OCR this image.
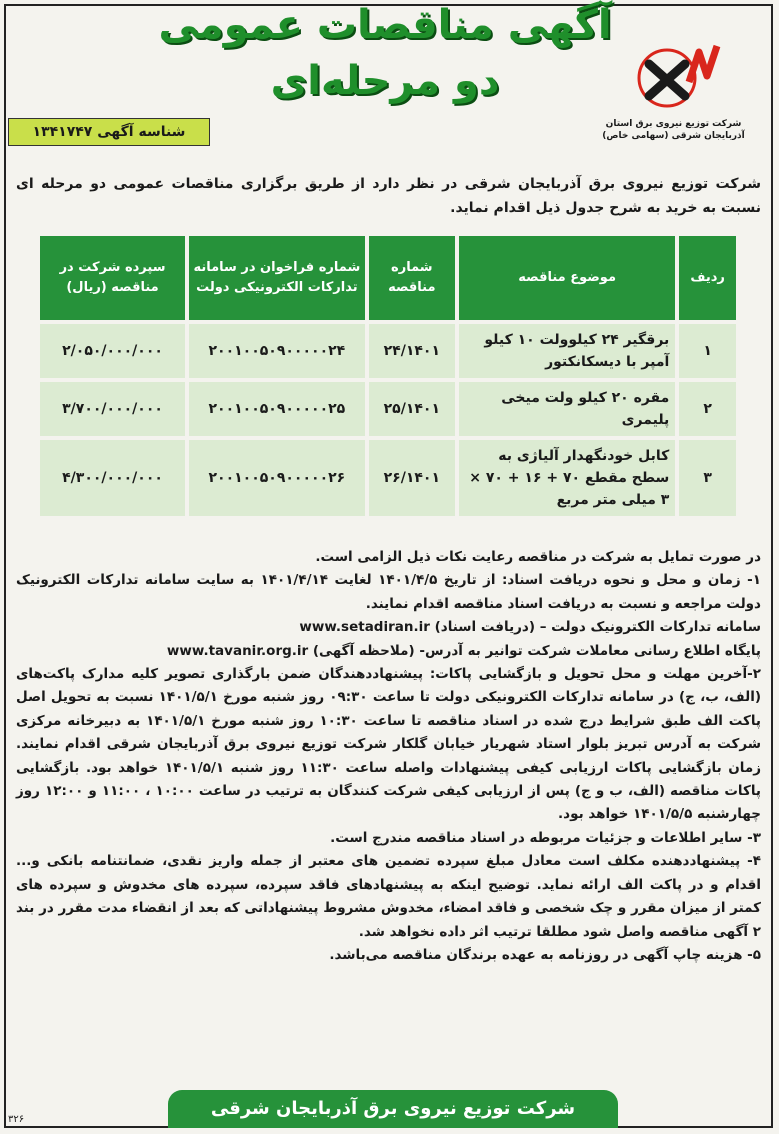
آگهی مناقصات عمومی
دو مرحله‌ای
شناسه آگهی ۱۳۴۱۷۴۷	شرکت توزیع نیروی برق استان
آذربایجان شرقی (سهامی خاص)
شرکت توزیع نیروی برق آذربایجان شرقی در نظر دارد از طریق برگزاری مناقصات عمومی دو مرحله ای نسبت به خرید به شرح جدول ذیل اقدام نماید.
ردیف	موضوع مناقصه	شماره مناقصه	شماره فراخوان در سامانه تدارکات الکترونیکی دولت	سپرده شرکت در مناقصه (ریال)
۱	برقگیر ۲۴ کیلوولت ۱۰ کیلو آمپر با دیسکانکتور	۲۴/۱۴۰۱	۲۰۰۱۰۰۵۰۹۰۰۰۰۰۲۴	۲/۰۵۰/۰۰۰/۰۰۰
۲	مقره ۲۰ کیلو ولت میخی پلیمری	۲۵/۱۴۰۱	۲۰۰۱۰۰۵۰۹۰۰۰۰۰۲۵	۳/۷۰۰/۰۰۰/۰۰۰
۳	کابل خودنگهدار آلیاژی به سطح مقطع ۷۰ + ۱۶ + ۷۰ × ۳ میلی متر مربع	۲۶/۱۴۰۱	۲۰۰۱۰۰۵۰۹۰۰۰۰۰۲۶	۴/۳۰۰/۰۰۰/۰۰۰

در صورت تمایل به شرکت در مناقصه رعایت نکات ذیل الزامی است.

۱- زمان و محل و نحوه دریافت اسناد: از تاریخ ۱۴۰۱/۴/۵ لغایت ۱۴۰۱/۴/۱۴ به سایت سامانه تدارکات الکترونیک دولت مراجعه و نسبت به دریافت اسناد مناقصه اقدام نمایند.

سامانه تدارکات الکترونیک دولت – (دریافت اسناد) www.setadiran.ir

پایگاه اطلاع رسانی معاملات شرکت توانیر به آدرس- (ملاحظه آگهی) www.tavanir.org.ir

۲-آخرین مهلت و محل تحویل و بازگشایی پاکات: پیشنهاددهندگان ضمن بارگذاری تصویر کلیه مدارک پاکت‌های (الف، ب، ج) در سامانه تدارکات الکترونیکی دولت تا ساعت ۰۹:۳۰ روز شنبه مورخ ۱۴۰۱/۵/۱ نسبت به تحویل اصل پاکت الف طبق شرایط درج شده در اسناد مناقصه تا ساعت ۱۰:۳۰ روز شنبه مورخ ۱۴۰۱/۵/۱ به دبیرخانه مرکزی شرکت به آدرس تبریز بلوار استاد شهریار خیابان گلکار شرکت توزیع نیروی برق آذربایجان شرقی اقدام نمایند. زمان بازگشایی پاکات ارزیابی کیفی پیشنهادات واصله ساعت ۱۱:۳۰ روز شنبه ۱۴۰۱/۵/۱ خواهد بود. بازگشایی پاکات مناقصه (الف، ب و ج) پس از ارزیابی کیفی شرکت کنندگان به ترتیب در ساعت ۱۰:۰۰ ، ۱۱:۰۰ و ۱۲:۰۰ روز چهارشنبه ۱۴۰۱/۵/۵ خواهد بود.

۳- سایر اطلاعات و جزئیات مربوطه در اسناد مناقصه مندرج است.

۴- پیشنهاددهنده مکلف است معادل مبلغ سپرده تضمین های معتبر از جمله واریز نقدی، ضمانتنامه بانکی و... اقدام و در پاکت الف ارائه نماید. توضیح اینکه به پیشنهادهای فاقد سپرده، سپرده های مخدوش و سپرده های کمتر از میزان مقرر و چک شخصی و فاقد امضاء، مخدوش مشروط پیشنهاداتی که بعد از انقضاء مدت مقرر در بند ۲ آگهی مناقصه واصل شود مطلقا ترتیب اثر داده نخواهد شد.

۵- هزینه چاپ آگهی در روزنامه به عهده برندگان مناقصه می‌باشد.

شرکت توزیع نیروی برق آذربایجان شرقی
۳۲۶
